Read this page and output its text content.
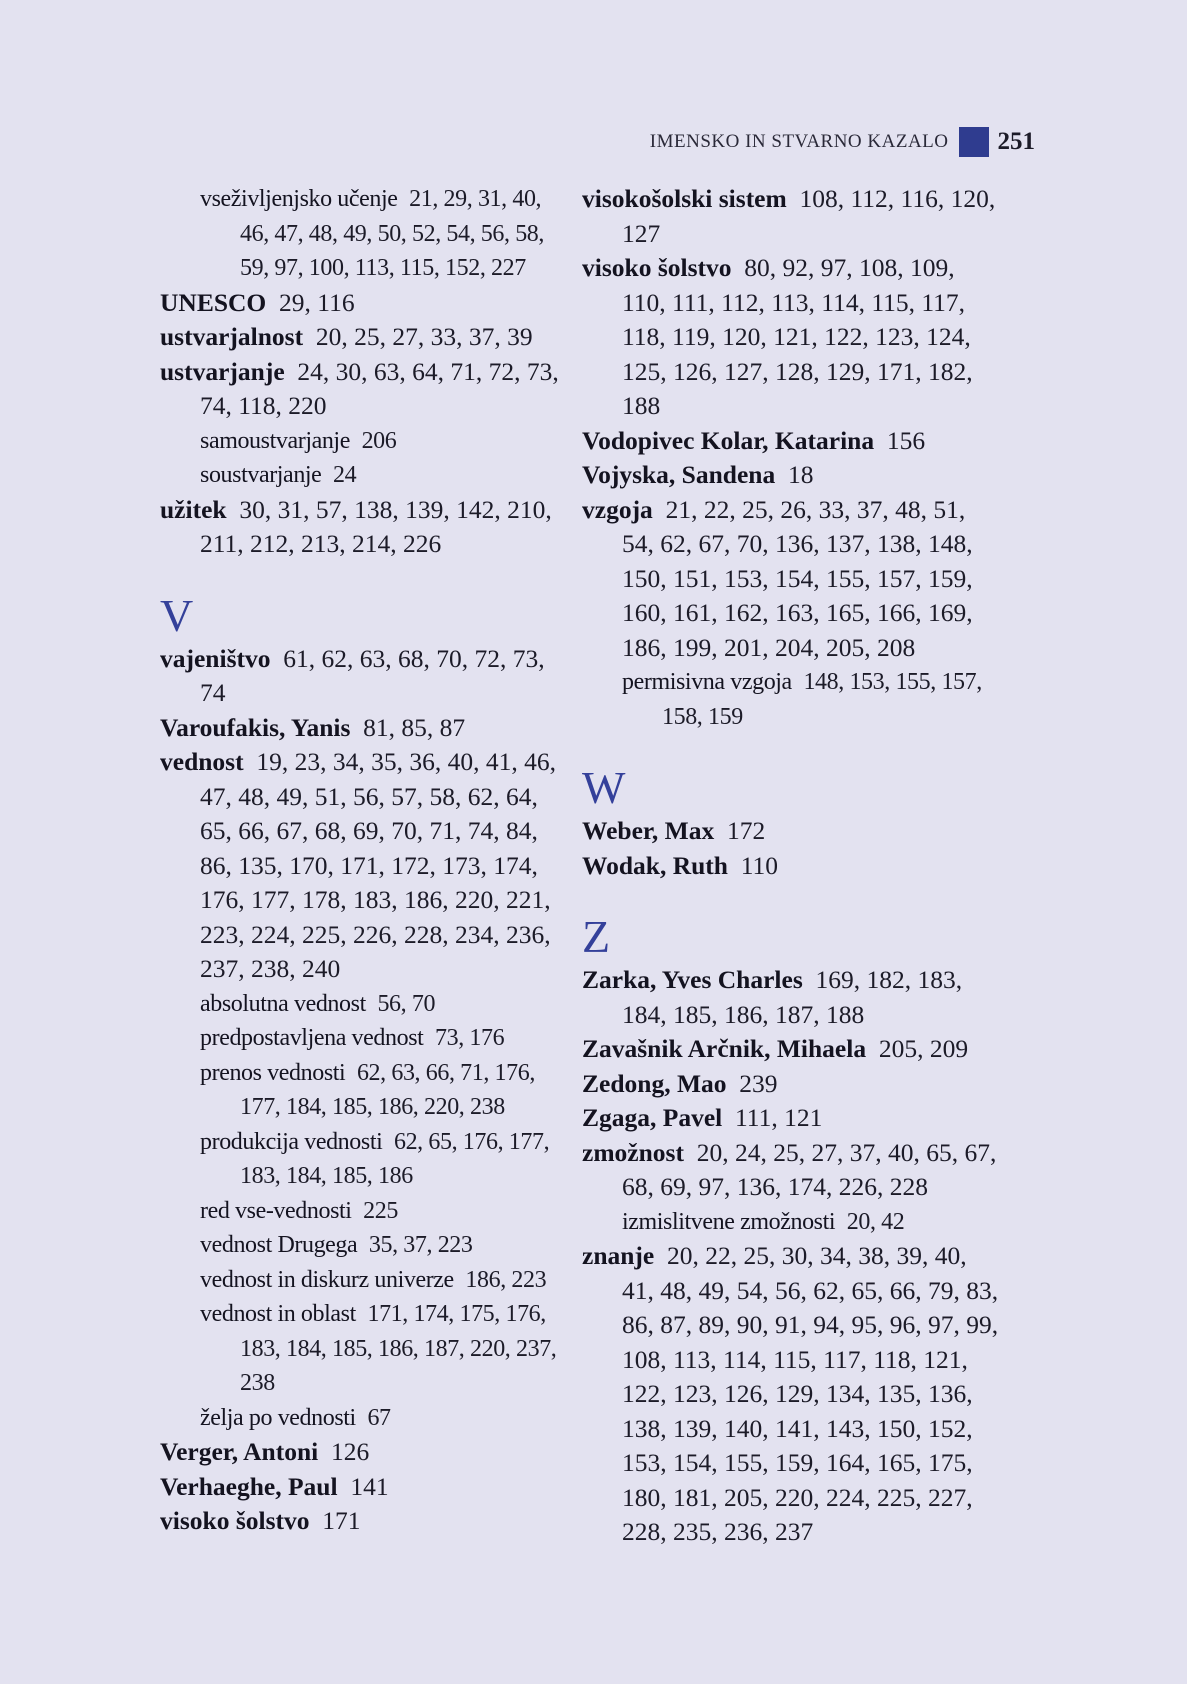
IMENSKO IN STVARNO KAZALO 251

vseživljenjsko učenje  21, 29, 31, 40, 46, 47, 48, 49, 50, 52, 54, 56, 58, 59, 97, 100, 113, 115, 152, 227

UNESCO  29, 116

ustvarjalnost  20, 25, 27, 33, 37, 39

ustvarjanje  24, 30, 63, 64, 71, 72, 73, 74, 118, 220

samoustvarjanje  206

soustvarjanje  24

užitek  30, 31, 57, 138, 139, 142, 210, 211, 212, 213, 214, 226

V

vajeništvo  61, 62, 63, 68, 70, 72, 73, 74

Varoufakis, Yanis  81, 85, 87

vednost  19, 23, 34, 35, 36, 40, 41, 46, 47, 48, 49, 51, 56, 57, 58, 62, 64, 65, 66, 67, 68, 69, 70, 71, 74, 84, 86, 135, 170, 171, 172, 173, 174, 176, 177, 178, 183, 186, 220, 221, 223, 224, 225, 226, 228, 234, 236, 237, 238, 240

absolutna vednost  56, 70

predpostavljena vednost  73, 176

prenos vednosti  62, 63, 66, 71, 176, 177, 184, 185, 186, 220, 238

produkcija vednosti  62, 65, 176, 177, 183, 184, 185, 186

red vse-vednosti  225

vednost Drugega  35, 37, 223

vednost in diskurz univerze  186, 223

vednost in oblast  171, 174, 175, 176, 183, 184, 185, 186, 187, 220, 237, 238

želja po vednosti  67

Verger, Antoni  126

Verhaeghe, Paul  141

visoko šolstvo  171

visokošolski sistem  108, 112, 116, 120, 127

visoko šolstvo  80, 92, 97, 108, 109, 110, 111, 112, 113, 114, 115, 117, 118, 119, 120, 121, 122, 123, 124, 125, 126, 127, 128, 129, 171, 182, 188

Vodopivec Kolar, Katarina  156

Vojyska, Sandena  18

vzgoja  21, 22, 25, 26, 33, 37, 48, 51, 54, 62, 67, 70, 136, 137, 138, 148, 150, 151, 153, 154, 155, 157, 159, 160, 161, 162, 163, 165, 166, 169, 186, 199, 201, 204, 205, 208

permisivna vzgoja  148, 153, 155, 157, 158, 159

W

Weber, Max  172

Wodak, Ruth  110

Z

Zarka, Yves Charles  169, 182, 183, 184, 185, 186, 187, 188

Zavašnik Arčnik, Mihaela  205, 209

Zedong, Mao  239

Zgaga, Pavel  111, 121

zmožnost  20, 24, 25, 27, 37, 40, 65, 67, 68, 69, 97, 136, 174, 226, 228

izmislitvene zmožnosti  20, 42

znanje  20, 22, 25, 30, 34, 38, 39, 40, 41, 48, 49, 54, 56, 62, 65, 66, 79, 83, 86, 87, 89, 90, 91, 94, 95, 96, 97, 99, 108, 113, 114, 115, 117, 118, 121, 122, 123, 126, 129, 134, 135, 136, 138, 139, 140, 141, 143, 150, 152, 153, 154, 155, 159, 164, 165, 175, 180, 181, 205, 220, 224, 225, 227, 228, 235, 236, 237
